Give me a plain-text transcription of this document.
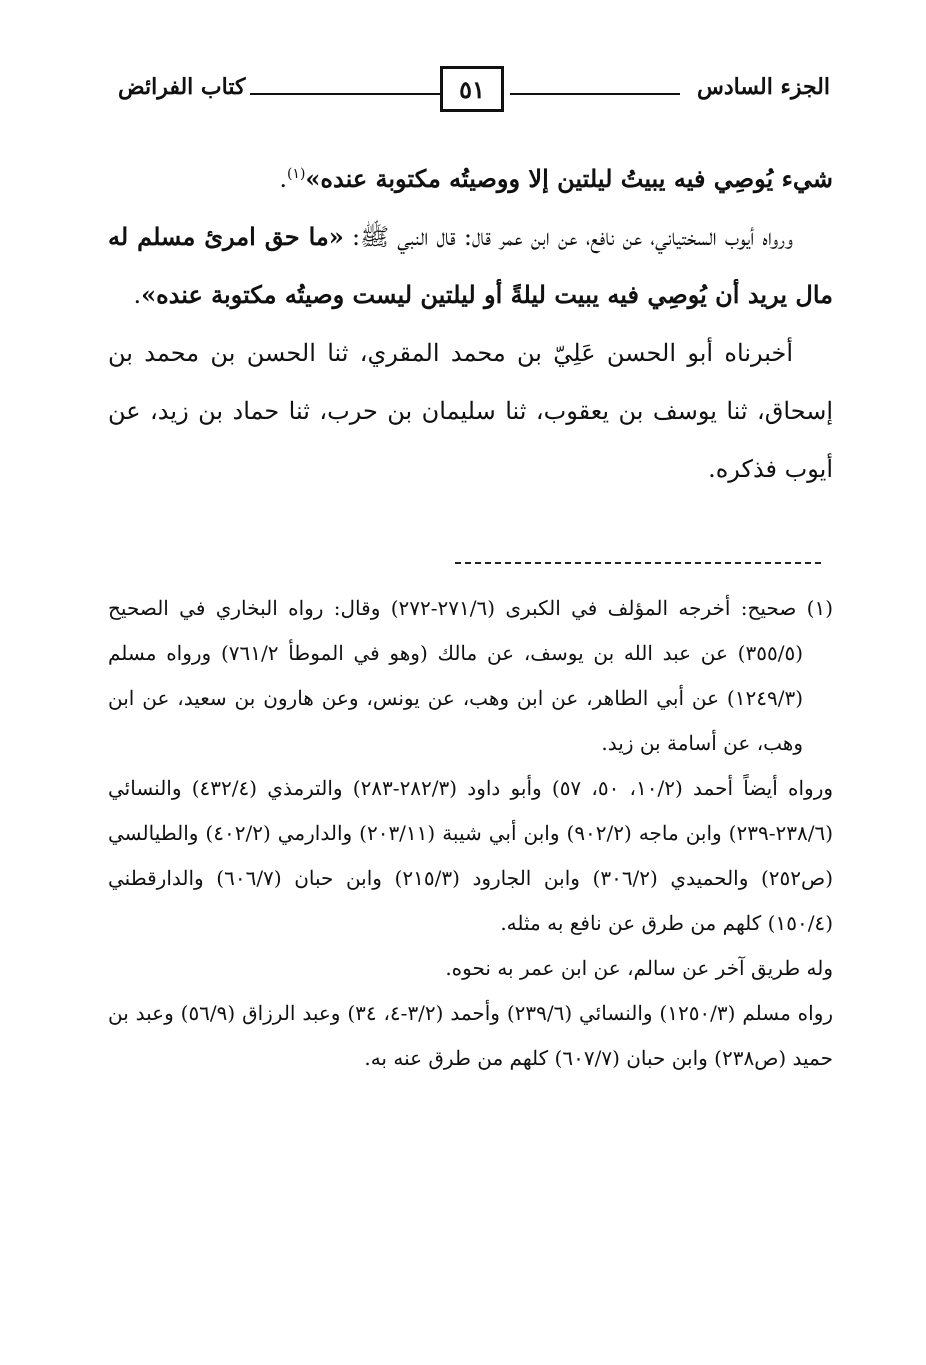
الجزء السادس
٥١
كتاب الفرائض

شيء يُوصِي فيه يبيتُ ليلتين إلا ووصيتُه مكتوبة عنده»$^{(١)}$.

ورواه أيوب السختياني، عن نافع، عن ابن عمر قال: قال النبي ﷺ: «ما حق امرئ مسلم له مال يريد أن يُوصِي فيه يبيت ليلةً أو ليلتين ليست وصيتُه مكتوبة عنده».

أخبرناه أبو الحسن عَلِيّ بن محمد المقري، ثنا الحسن بن محمد بن إسحاق، ثنا يوسف بن يعقوب، ثنا سليمان بن حرب، ثنا حماد بن زيد، عن أيوب فذكره.

(١) صحيح: أخرجه المؤلف في الكبرى (٢٧١/٦-٢٧٢) وقال: رواه البخاري في الصحيح (٣٥٥/٥) عن عبد الله بن يوسف، عن مالك (وهو في الموطأ ٧٦١/٢) ورواه مسلم (١٢٤٩/٣) عن أبي الطاهر، عن ابن وهب، عن يونس، وعن هارون بن سعيد، عن ابن وهب، عن أسامة بن زيد.

ورواه أيضاً أحمد (١٠/٢، ٥٠، ٥٧) وأبو داود (٢٨٢/٣-٢٨٣) والترمذي (٤٣٢/٤) والنسائي (٢٣٨/٦-٢٣٩) وابن ماجه (٩٠٢/٢) وابن أبي شيبة (٢٠٣/١١) والدارمي (٤٠٢/٢) والطيالسي (ص٢٥٢) والحميدي (٣٠٦/٢) وابن الجارود (٢١٥/٣) وابن حبان (٦٠٦/٧) والدارقطني (١٥٠/٤) كلهم من طرق عن نافع به مثله.

وله طريق آخر عن سالم، عن ابن عمر به نحوه.

رواه مسلم (١٢٥٠/٣) والنسائي (٢٣٩/٦) وأحمد (٣/٢-٤، ٣٤) وعبد الرزاق (٥٦/٩) وعبد بن حميد (ص٢٣٨) وابن حبان (٦٠٧/٧) كلهم من طرق عنه به.
